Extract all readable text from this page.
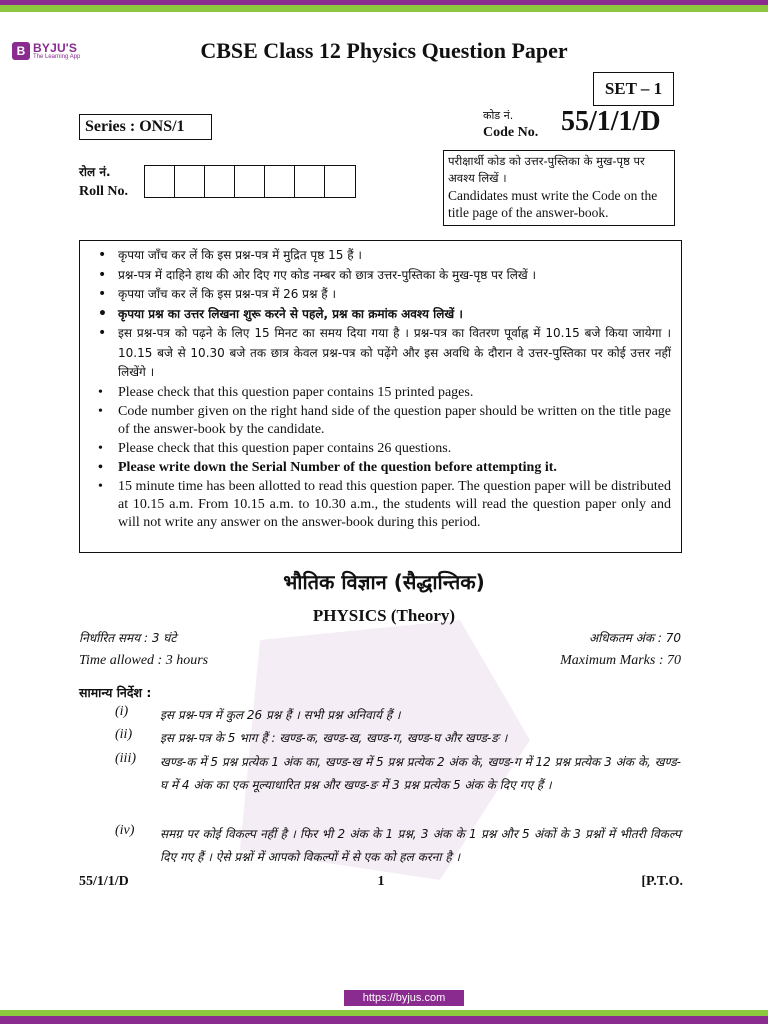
B BYJU'S
The Learning App	CBSE Class 12 Physics Question Paper
SET – 1
Series : ONS/1
कोड नं.
Code No. 55/1/1/D
रोल नं.
Roll No.
परीक्षार्थी कोड को उत्तर-पुस्तिका के मुख-पृष्ठ पर अवश्य लिखें ।
Candidates must write the Code on the title page of the answer-book.
• कृपया जाँच कर लें कि इस प्रश्न-पत्र में मुद्रित पृष्ठ 15 हैं ।
• प्रश्न-पत्र में दाहिने हाथ की ओर दिए गए कोड नम्बर को छात्र उत्तर-पुस्तिका के मुख-पृष्ठ पर लिखें ।
• कृपया जाँच कर लें कि इस प्रश्न-पत्र में 26 प्रश्न हैं ।
• कृपया प्रश्न का उत्तर लिखना शुरू करने से पहले, प्रश्न का क्रमांक अवश्य लिखें ।
• इस प्रश्न-पत्र को पढ़ने के लिए 15 मिनट का समय दिया गया है । प्रश्न-पत्र का वितरण पूर्वाह्न में 10.15 बजे किया जायेगा । 10.15 बजे से 10.30 बजे तक छात्र केवल प्रश्न-पत्र को पढ़ेंगे और इस अवधि के दौरान वे उत्तर-पुस्तिका पर कोई उत्तर नहीं लिखेंगे ।
• Please check that this question paper contains 15 printed pages.
• Code number given on the right hand side of the question paper should be written on the title page of the answer-book by the candidate.
• Please check that this question paper contains 26 questions.
• Please write down the Serial Number of the question before attempting it.
• 15 minute time has been allotted to read this question paper. The question paper will be distributed at 10.15 a.m. From 10.15 a.m. to 10.30 a.m., the students will read the question paper only and will not write any answer on the answer-book during this period.
भौतिक विज्ञान (सैद्धान्तिक)
PHYSICS (Theory)
निर्धारित समय : 3 घंटे	अधिकतम अंक : 70
Time allowed : 3 hours	Maximum Marks : 70
सामान्य निर्देश :
(i)	इस प्रश्न-पत्र में कुल 26 प्रश्न हैं । सभी प्रश्न अनिवार्य हैं ।
(ii) इस प्रश्न-पत्र के 5 भाग हैं : खण्ड-क, खण्ड-ख, खण्ड-ग, खण्ड-घ और खण्ड-ङ ।
(iii) खण्ड-क में 5 प्रश्न प्रत्येक 1 अंक का, खण्ड-ख में 5 प्रश्न प्रत्येक 2 अंक के, खण्ड-ग में 12 प्रश्न प्रत्येक 3 अंक के, खण्ड-घ में 4 अंक का एक मूल्याधारित प्रश्न और खण्ड-ङ में 3 प्रश्न प्रत्येक 5 अंक के दिए गए हैं ।
(iv) समग्र पर कोई विकल्प नहीं है । फिर भी 2 अंक के 1 प्रश्न, 3 अंक के 1 प्रश्न और 5 अंकों के 3 प्रश्नों में भीतरी विकल्प दिए गए हैं । ऐसे प्रश्नों में आपको विकल्पों में से एक को हल करना है ।
55/1/1/D	1	[P.T.O.
https://byjus.com
